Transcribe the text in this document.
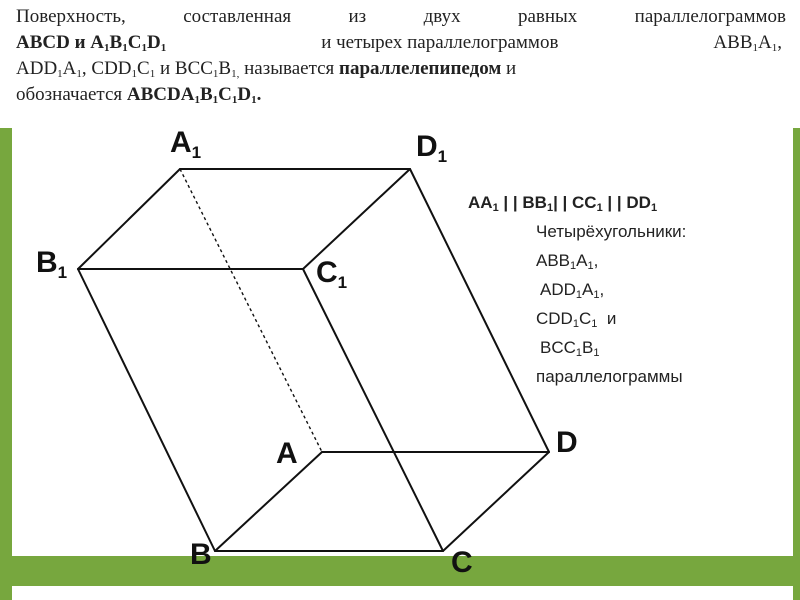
Поверхность,	составленная	из	двух	равных	параллелограммов
ABCD и $A_1B_1C_1D_1$	и четырех параллелограммов	$ABB_1A_1$,
$ADD_1A_1$, $CDD_1C_1$ и $BCC_1B_{1,}$ называется параллелепипедом и
обозначается $ABCDA_1B_1C_1D_1$.
$A_1$	$D_1$
$B_1$	$C_1$
A	D
B	C
$AA_1$ | | $BB_1|$ | $CC_1$ | | $DD_1$
Четырёхугольники:
$ABB_1A_1$,
$ADD_1A_1$,
$CDD_1C_1$ и
$BCC_1B_1$
параллелограммы
